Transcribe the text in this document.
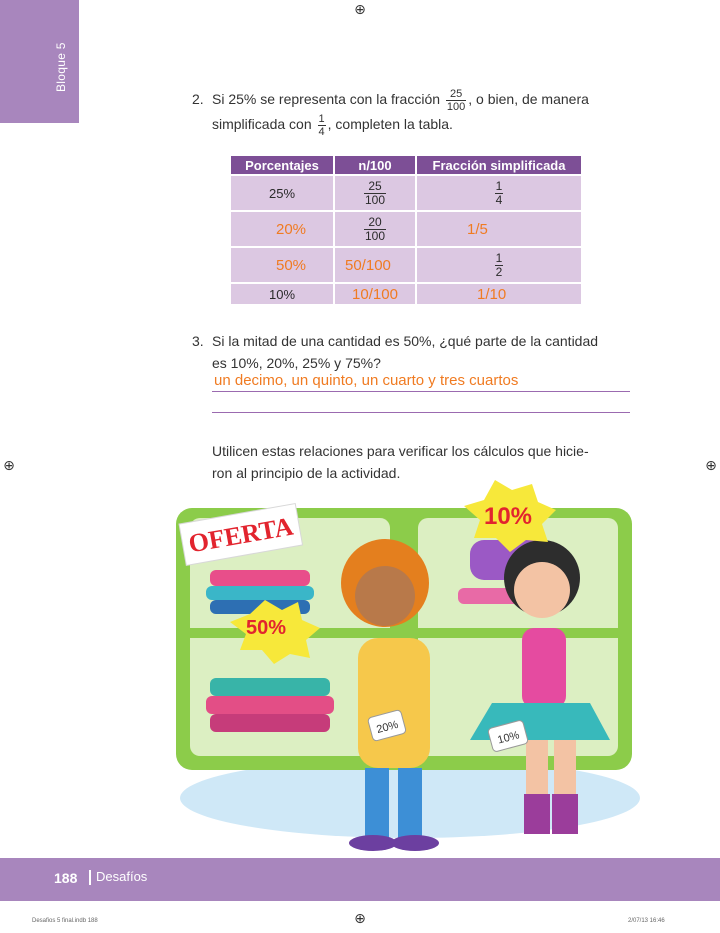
Bloque 5
⊕
⊕	⊕
⊕
2. Si 25% se representa con la fracción $\frac{25}{100}$ , o bien, de manera
simplificada con $\frac{1}{4}$ , completen la tabla.
Porcentajes	n/100	Fracción simplificada
25%	$\frac{25}{100}$	$\frac{1}{4}$

20%	$\frac{20}{100}$	1/5
50%	50/100	$\frac{1}{2}$

10%	10/100	1/10
3. Si la mitad de una cantidad es 50%, ¿qué parte de la cantidad
es 10%, 20%, 25% y 75%?
un decimo, un quinto, un cuarto y tres cuartos
Utilicen estas relaciones para verificar los cálculos que hicie-
ron al principio de la actividad.
OFERTA	10%
50%
20%
10%
188 Desafíos
Desafios 5 final.indb 188	2/07/13 16:46
